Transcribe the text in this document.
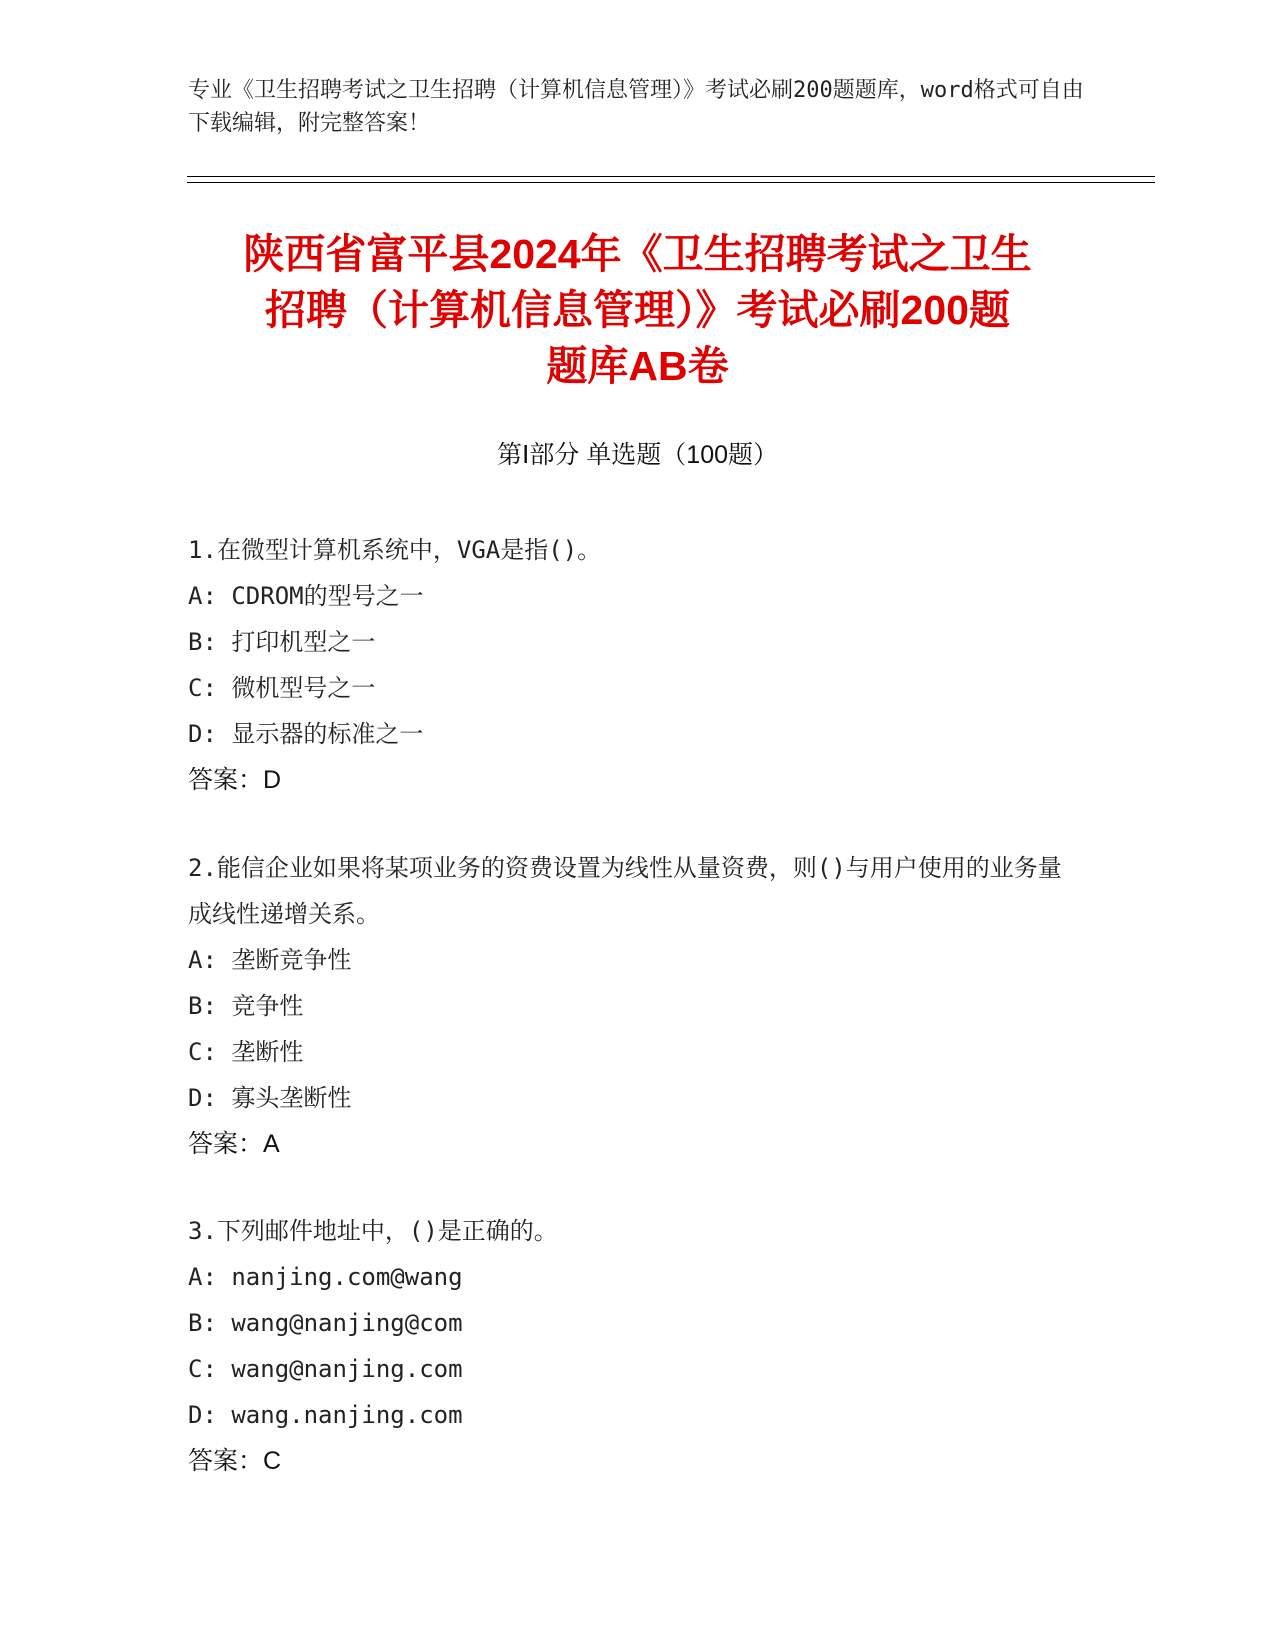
专业《卫生招聘考试之卫生招聘（计算机信息管理）》考试必刷200题题库，word格式可自由下载编辑，附完整答案！
陕西省富平县2024年《卫生招聘考试之卫生
招聘（计算机信息管理）》考试必刷200题
题库AB卷
第Ⅰ部分 单选题（100题）
1.在微型计算机系统中，VGA是指()。
A: CDROM的型号之一
B: 打印机型之一
C: 微机型号之一
D: 显示器的标准之一
答案：D
2.能信企业如果将某项业务的资费设置为线性从量资费，则()与用户使用的业务量成线性递增关系。
A: 垄断竞争性
B: 竞争性
C: 垄断性
D: 寡头垄断性
答案：A
3.下列邮件地址中，()是正确的。
A: nanjing.com@wang
B: wang@nanjing@com
C: wang@nanjing.com
D: wang.nanjing.com
答案：C
